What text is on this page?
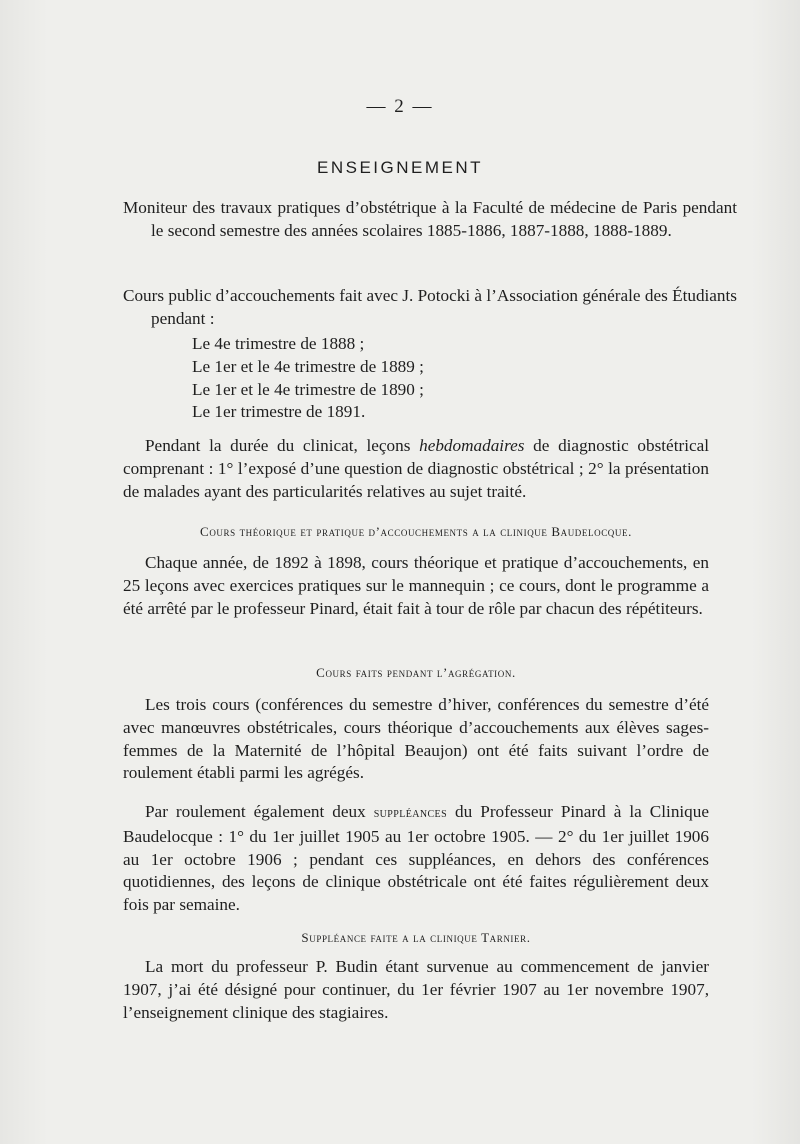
— 2 —
ENSEIGNEMENT

Moniteur des travaux pratiques d’obstétrique à la Faculté de médecine de Paris pendant le second semestre des années scolaires 1885-1886, 1887-1888, 1888-1889.

Cours public d’accouchements fait avec J. Potocki à l’Association générale des Étudiants pendant :

Le 4e trimestre de 1888 ;
Le 1er et le 4e trimestre de 1889 ;
Le 1er et le 4e trimestre de 1890 ;
Le 1er trimestre de 1891.

Pendant la durée du clinicat, leçons hebdomadaires de diagnostic obstétrical comprenant : 1° l’exposé d’une question de diagnostic obstétrical ; 2° la présentation de malades ayant des particularités relatives au sujet traité.

Cours théorique et pratique d’accouchements a la clinique Baudelocque.

Chaque année, de 1892 à 1898, cours théorique et pratique d’accouchements, en 25 leçons avec exercices pratiques sur le mannequin ; ce cours, dont le programme a été arrêté par le professeur Pinard, était fait à tour de rôle par chacun des répétiteurs.

Cours faits pendant l’agrégation.

Les trois cours (conférences du semestre d’hiver, conférences du semestre d’été avec manœuvres obstétricales, cours théorique d’accouchements aux élèves sages-femmes de la Maternité de l’hôpital Beaujon) ont été faits suivant l’ordre de roulement établi parmi les agrégés.

Par roulement également deux suppléances du Professeur Pinard à la Clinique Baudelocque : 1° du 1er juillet 1905 au 1er octobre 1905. — 2° du 1er juillet 1906 au 1er octobre 1906 ; pendant ces suppléances, en dehors des conférences quotidiennes, des leçons de clinique obstétricale ont été faites régulièrement deux fois par semaine.

Suppléance faite a la clinique Tarnier.

La mort du professeur P. Budin étant survenue au commencement de janvier 1907, j’ai été désigné pour continuer, du 1er février 1907 au 1er novembre 1907, l’enseignement clinique des stagiaires.
